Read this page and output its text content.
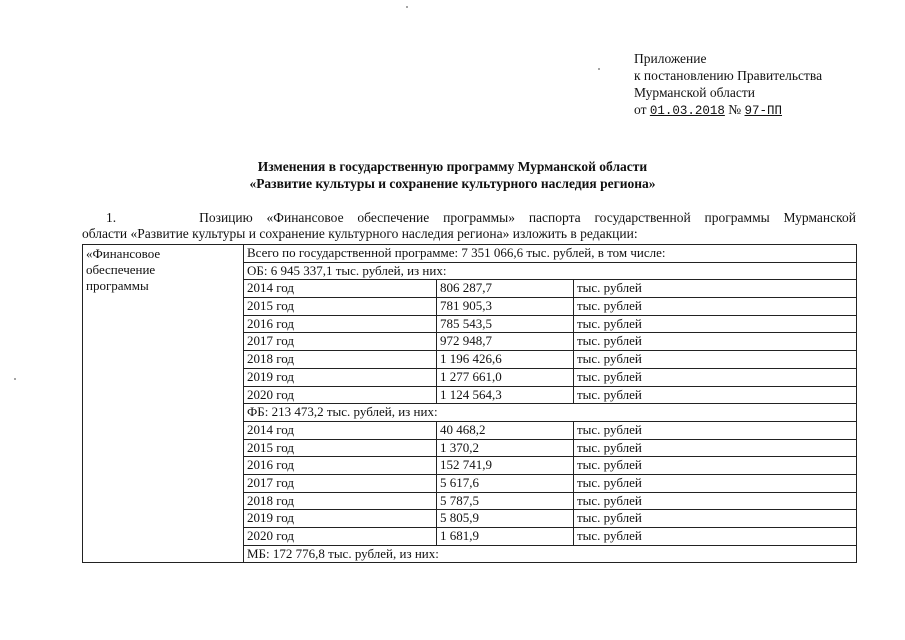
Приложение
к постановлению Правительства
Мурманской области
от 01.03.2018 № 97-ПП
Изменения в государственную программу Мурманской области
«Развитие культуры и сохранение культурного наследия региона»
1.	Позицию «Финансовое обеспечение программы» паспорта государственной программы Мурманской
области «Развитие культуры и сохранение культурного наследия региона» изложить в редакции:
«Финансовое
обеспечение
программы	Всего по государственной программе: 7 351 066,6 тыс. рублей, в том числе:		
	ОБ: 6 945 337,1 тыс. рублей, из них:		
	2014 год	806 287,7	тыс. рублей
	2015 год	781 905,3	тыс. рублей
	2016 год	785 543,5	тыс. рублей
	2017 год	972 948,7	тыс. рублей
	2018 год	1 196 426,6	тыс. рублей
	2019 год	1 277 661,0	тыс. рублей
	2020 год	1 124 564,3	тыс. рублей
	ФБ: 213 473,2 тыс. рублей, из них:		
	2014 год	40 468,2	тыс. рублей
	2015 год	1 370,2	тыс. рублей
	2016 год	152 741,9	тыс. рублей
	2017 год	5 617,6	тыс. рублей
	2018 год	5 787,5	тыс. рублей
	2019 год	5 805,9	тыс. рублей
	2020 год	1 681,9	тыс. рублей
	МБ: 172 776,8 тыс. рублей, из них:		
